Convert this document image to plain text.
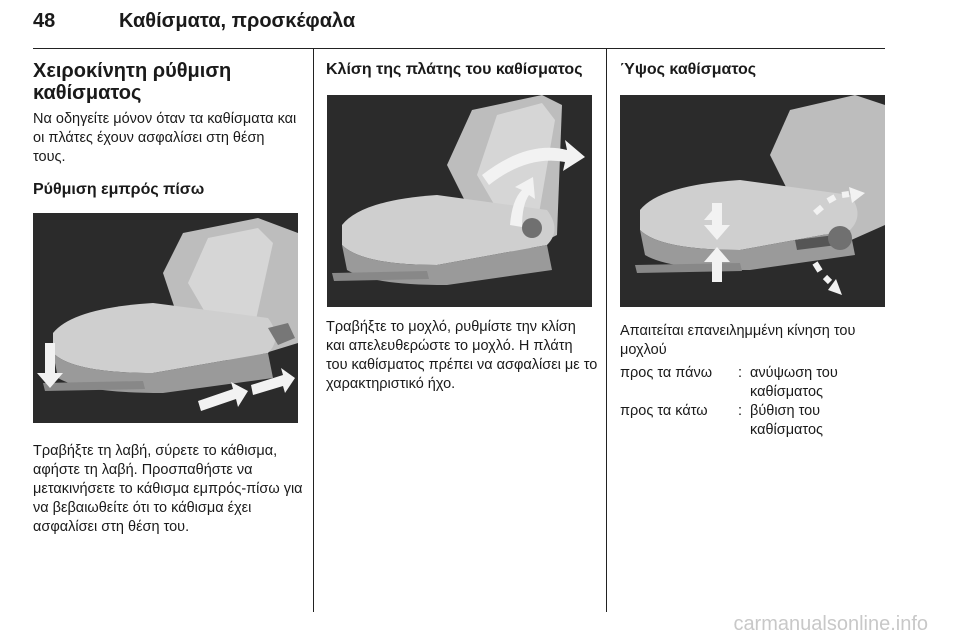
48	Καθίσματα, προσκέφαλα
Χειροκίνητη ρύθμιση καθίσματος

Να οδηγείτε μόνον όταν τα καθίσματα και οι πλάτες έχουν ασφαλίσει στη θέση τους.

Ρύθμιση εμπρός πίσω

Τραβήξτε τη λαβή, σύρετε το κάθισμα, αφήστε τη λαβή. Προσπαθήστε να μετακινήσετε το κάθισμα εμπρός-πίσω για να βεβαιωθείτε ότι το κάθισμα έχει ασφαλίσει στη θέση του.

Κλίση της πλάτης του καθίσματος

Τραβήξτε το μοχλό, ρυθμίστε την κλίση και απελευθερώστε το μοχλό. Η πλάτη του καθίσματος πρέπει να ασφαλίσει με το χαρακτηριστικό ήχο.

Ύψος καθίσματος

Απαιτείται επανειλημμένη κίνηση του μοχλού

προς τα πάνω : ανύψωση του καθίσματος
προς τα κάτω : βύθιση του καθίσματος
carmanualsonline.info
